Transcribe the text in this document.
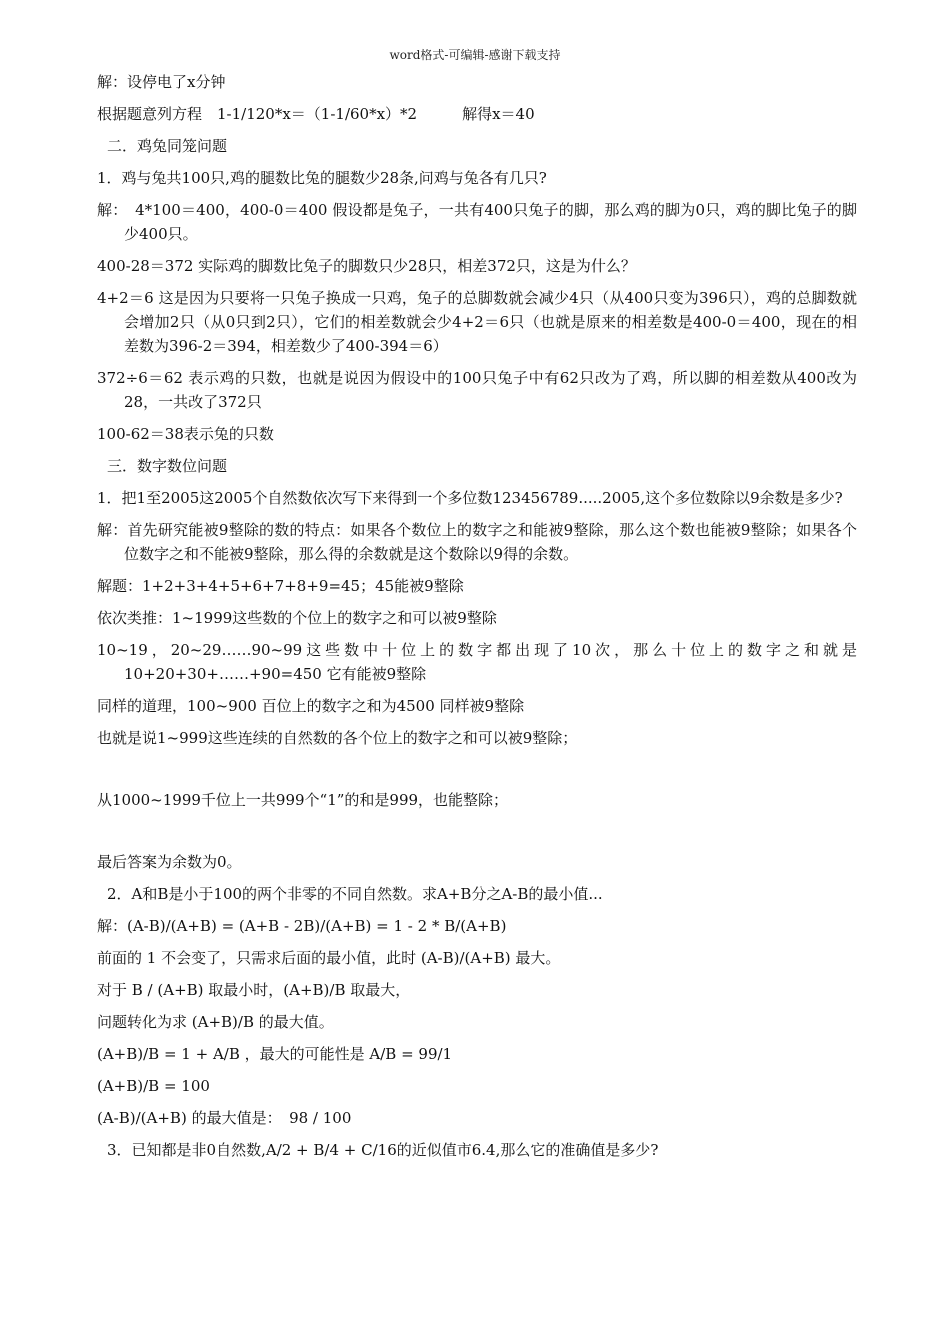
word格式-可编辑-感谢下载支持

解：设停电了x分钟

根据题意列方程　1-1/120*x＝（1-1/60*x）*2　　　解得x＝40

二．鸡兔同笼问题

1．鸡与兔共100只,鸡的腿数比兔的腿数少28条,问鸡与兔各有几只?

解：　4*100＝400，400-0＝400 假设都是兔子，一共有400只兔子的脚，那么鸡的脚为0只，鸡的脚比兔子的脚少400只。

400-28＝372 实际鸡的脚数比兔子的脚数只少28只，相差372只，这是为什么？

4+2＝6 这是因为只要将一只兔子换成一只鸡，兔子的总脚数就会减少4只（从400只变为396只），鸡的总脚数就会增加2只（从0只到2只），它们的相差数就会少4+2＝6只（也就是原来的相差数是400-0＝400，现在的相差数为396-2＝394，相差数少了400-394＝6）

372÷6＝62 表示鸡的只数，也就是说因为假设中的100只兔子中有62只改为了鸡，所以脚的相差数从400改为28，一共改了372只

100-62＝38表示兔的只数

三．数字数位问题

1．把1至2005这2005个自然数依次写下来得到一个多位数123456789.....2005,这个多位数除以9余数是多少?

解：首先研究能被9整除的数的特点：如果各个数位上的数字之和能被9整除，那么这个数也能被9整除；如果各个位数字之和不能被9整除，那么得的余数就是这个数除以9得的余数。

解题：1+2+3+4+5+6+7+8+9=45；45能被9整除

依次类推：1~1999这些数的个位上的数字之和可以被9整除

10~19，20~29……90~99这些数中十位上的数字都出现了10次，那么十位上的数字之和就是10+20+30+……+90=450 它有能被9整除

同样的道理，100~900 百位上的数字之和为4500 同样被9整除

也就是说1~999这些连续的自然数的各个位上的数字之和可以被9整除；

从1000~1999千位上一共999个“1”的和是999，也能整除；

最后答案为余数为0。

2．A和B是小于100的两个非零的不同自然数。求A+B分之A-B的最小值...

解：(A-B)/(A+B) = (A+B - 2B)/(A+B) = 1 - 2 * B/(A+B)

前面的 1 不会变了，只需求后面的最小值，此时 (A-B)/(A+B) 最大。

对于 B / (A+B) 取最小时，(A+B)/B 取最大，

问题转化为求 (A+B)/B 的最大值。

(A+B)/B = 1 + A/B ，最大的可能性是 A/B = 99/1

(A+B)/B = 100

(A-B)/(A+B) 的最大值是：　98 / 100

3．已知都是非0自然数,A/2 + B/4 + C/16的近似值市6.4,那么它的准确值是多少?
